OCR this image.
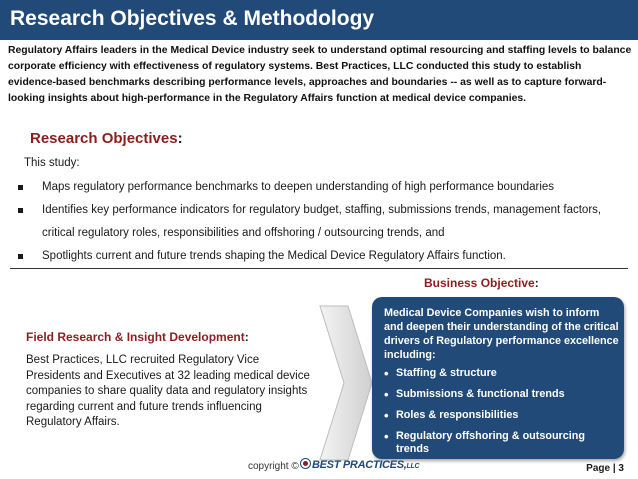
Research Objectives & Methodology
Regulatory Affairs leaders in the Medical Device industry seek to understand optimal resourcing and staffing levels to balance corporate efficiency with effectiveness of regulatory systems. Best Practices, LLC conducted this study to establish evidence-based benchmarks describing performance levels, approaches and boundaries -- as well as to capture forward-looking insights about high-performance in the Regulatory Affairs function at medical device companies.
Research Objectives:
This study:
Maps regulatory performance benchmarks to deepen understanding of high performance boundaries
Identifies key performance indicators for regulatory budget, staffing, submissions trends, management factors, critical regulatory roles, responsibilities and offshoring / outsourcing trends, and
Spotlights current and future trends shaping the Medical Device Regulatory Affairs function.
Business Objective:
Field Research & Insight Development:
Best Practices, LLC recruited Regulatory Vice Presidents and Executives at 32 leading medical device companies to share quality data and regulatory insights regarding current and future trends influencing Regulatory Affairs.
Medical Device Companies wish to inform and deepen their understanding of the critical drivers of Regulatory performance excellence including:
• Staffing & structure
• Submissions & functional trends
• Roles & responsibilities
• Regulatory offshoring & outsourcing trends
copyright ©	BEST PRACTICES,LLC	Page | 3
